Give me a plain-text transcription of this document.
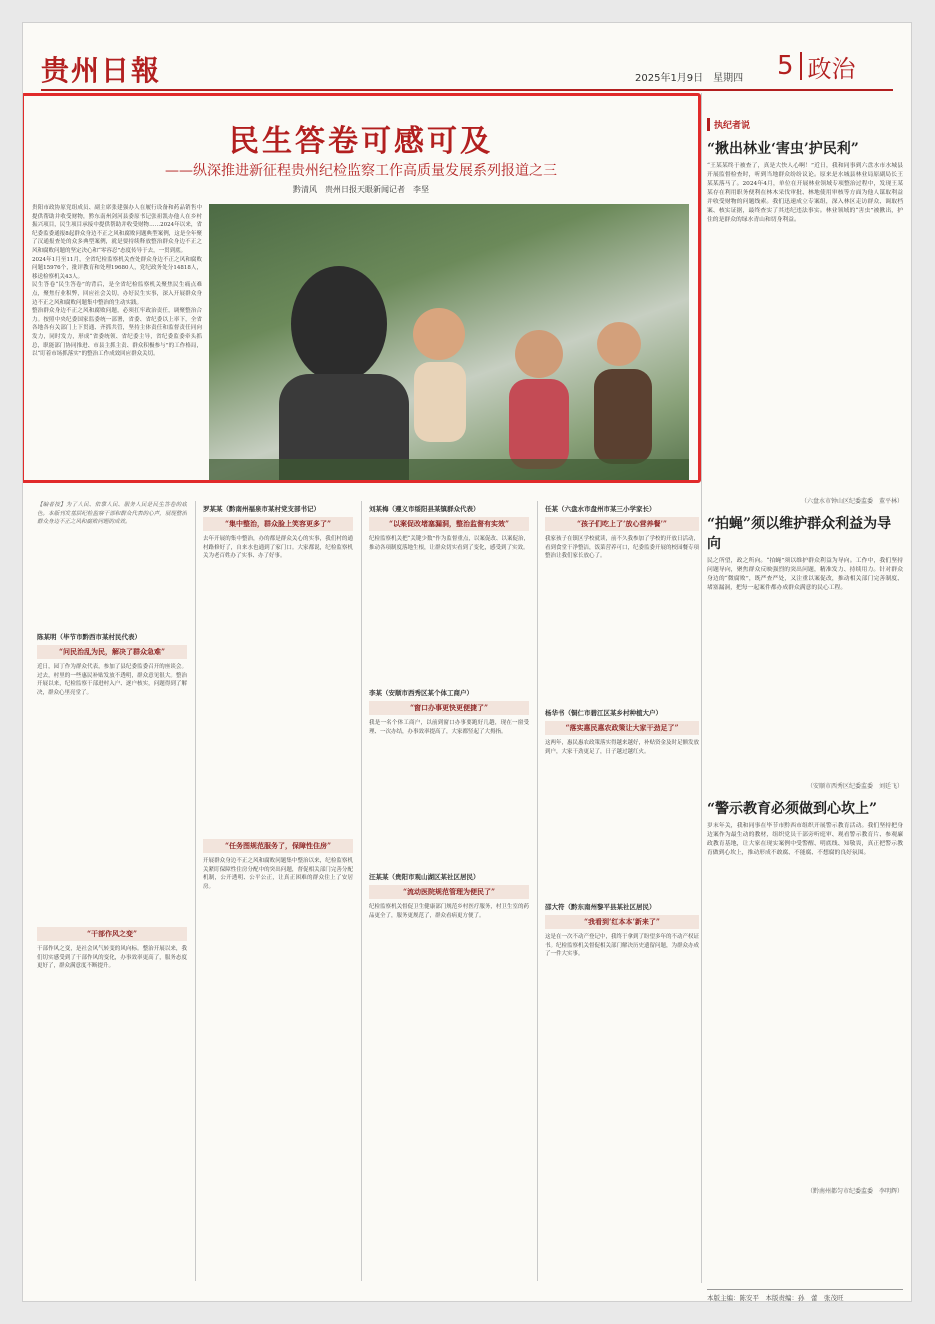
贵州日報	2025年1月9日　星期四 5 政治
民生答卷可感可及
——纵深推进新征程贵州纪检监察工作高质量发展系列报道之三
黔清风　贵州日报天眼新闻记者　李坚

贵阳市政协原党组成员、副主席张建强办人在履行设备和药品销售中提供帮助并收受财物，黔东南州剑河县委原书记张祖凯办他人在乡村振兴项目，民生项目承接中提供帮助并收受财物……2024年以来，省纪委监委通报8起群众身边不正之风和腐败问题典型案例，这是全年聚了汉通报查处的众多典型案例，就是要持续释放整治群众身边不正之风和腐败问题的坚定决心和“零容忍”态度传导于去，一贯到底。

2024年1月至11月，全省纪检监察机关查处群众身边不正之风和腐败问题15976个，批评教育和处理19680人，党纪政务处分14818人，移送检察机关43人。

民生答卷“民生答卷”的背后，是全省纪检监察机关聚焦民生痛点难点，聚焦行业积弊，回应社会关切，办好民生实事，深入开展群众身边不正之风和腐败问题集中整治的生动实践。

整治群众身边不正之风和腐败问题，必须扛牢政治责任，调聚整治合力。按照中央纪委国家监委统一部署，省委、省纪委以上率下，全省各地各有关部门上下贯通、齐抓共管，坚持主体责任和监督责任同向发力，同时发力，形成“省委统领、省纪委主导，省纪委监委牵头抓总，职能部门协同推进、市县主抓主责、群众积极参与”的工作格局，以“盯着市场抓落实”的整治工作成效回应群众关切。

执纪者说
“揪出林业‘害虫’护民利”
“王某某终于被查了，真是大快人心啊！”近日，我和同事到六盘水市水城县开展监督检查时，听到当地群众纷纷议论。原来是水城县林业局原副局长王某某落马了。2024年4月，单位在开展林业领域专项整治过程中，发现王某某存在利用职务便利在林木采伐审批、林地使用审核等方面为他人谋取利益并收受财物的问题线索。我们迅速成立专案组，深入林区走访群众、调取档案、核实证据，最终查实了其违纪违法事实。林业领域的“害虫”被揪出，护住的是群众的绿水青山和切身利益。
（六盘水市钟山区纪委监委　董平林）
“拍蝇”须以维护群众利益为导向
民之所望，政之所向。“拍蝇”须以维护群众利益为导向。工作中，我们坚持问题导向，聚焦群众反映强烈的突出问题，精准发力、持续用力。针对群众身边的“微腐败”，既严查严处，又注重以案促改，推动相关部门完善制度、堵塞漏洞，把每一起案件都办成群众满意的民心工程。
（安顺市西秀区纪委监委　刘廷飞）
“警示教育必须做到心坎上”
岁末年关，我和同事在毕节市黔西市组织开展警示教育活动。我们坚持把身边案作为最生动的教材，组织党员干部旁听庭审、观看警示教育片、参观廉政教育基地，让大家在现实案例中受警醒、明底线、知敬畏，真正把警示教育做到心坎上，推动形成不敢腐、不能腐、不想腐的良好氛围。
（黔南州都匀市纪委监委　李明辉）
【编者按】为了人民、依靠人民、服务人民是民生答卷的底色。本版刊发基层纪检监察干部和群众代表的心声，展现整治群众身边不正之风和腐败问题的成效。
陈某明（毕节市黔西市某村民代表）
“问民治乱为民，解决了群众急难”
近日，园丁作为群众代表，参加了县纪委监委召开的座谈会。过去，村里的一些惠民补贴发放不透明，群众意见很大。整治开展以来，纪检监察干部进村入户、逐户核实，问题得到了解决，群众心里亮堂了。
“干部作风之变”
干部作风之变，是社会风气转变的风向标。整治开展以来，我们切实感受到了干部作风的变化，办事效率更高了，服务态度更好了，群众满意度不断提升。
罗某某（黔南州福泉市某村党支部书记）
“集中整治，群众脸上笑容更多了”
去年开展的集中整治，办的都是群众关心的实事，我们村的通村路修好了，自来水也通到了家门口。大家都说，纪检监察机关为老百姓办了实事、办了好事。
“任务图规范服务了，保障性住房”
开展群众身边不正之风和腐败问题集中整治以来，纪检监察机关紧盯保障性住房分配中的突出问题，督促相关部门完善分配机制，公开透明、公平公正，让真正困难的群众住上了安居房。
刘某梅（遵义市绥阳县某镇群众代表）
“以案促改堵塞漏洞，整治监督有实效”
纪检监察机关把“关键少数”作为监督重点，以案促改、以案促治，推动各项制度落地生根，让群众切实看到了变化，感受到了实效。
李某（安顺市西秀区某个体工商户）
“窗口办事更快更便捷了”
我是一名个体工商户，以前到窗口办事要跑好几趟，现在一窗受理、一次办结，办事效率提高了，大家都竖起了大拇指。
汪某某（贵阳市观山湖区某社区居民）
“流动医院规范管理为便民了”
纪检监察机关督促卫生健康部门规范乡村医疗服务，村卫生室的药品更全了，服务更规范了，群众看病更方便了。
任某（六盘水市盘州市某三小学家长）
“孩子们吃上了‘放心营养餐’”
我家孩子在镇区学校就读，前不久我参加了学校的开放日活动，看到食堂干净整洁，饭菜营养可口，纪委监委开展的校园餐专项整治让我们家长放心了。
杨华书（铜仁市碧江区某乡村种植大户）
“落实惠民惠农政策让大家干劲足了”
这两年，惠民惠农政策落实得越来越好，补贴资金及时足额发放到户，大家干劲更足了，日子越过越红火。
邵大符（黔东南州黎平县某社区居民）
“我看到‘红本本’新来了”
这是在一次不动产登记中，我终于拿到了盼望多年的不动产权证书。纪检监察机关督促相关部门解决历史遗留问题，为群众办成了一件大实事。
本版主编：陈安平　本版责编：孙　蕾　张茂旺
